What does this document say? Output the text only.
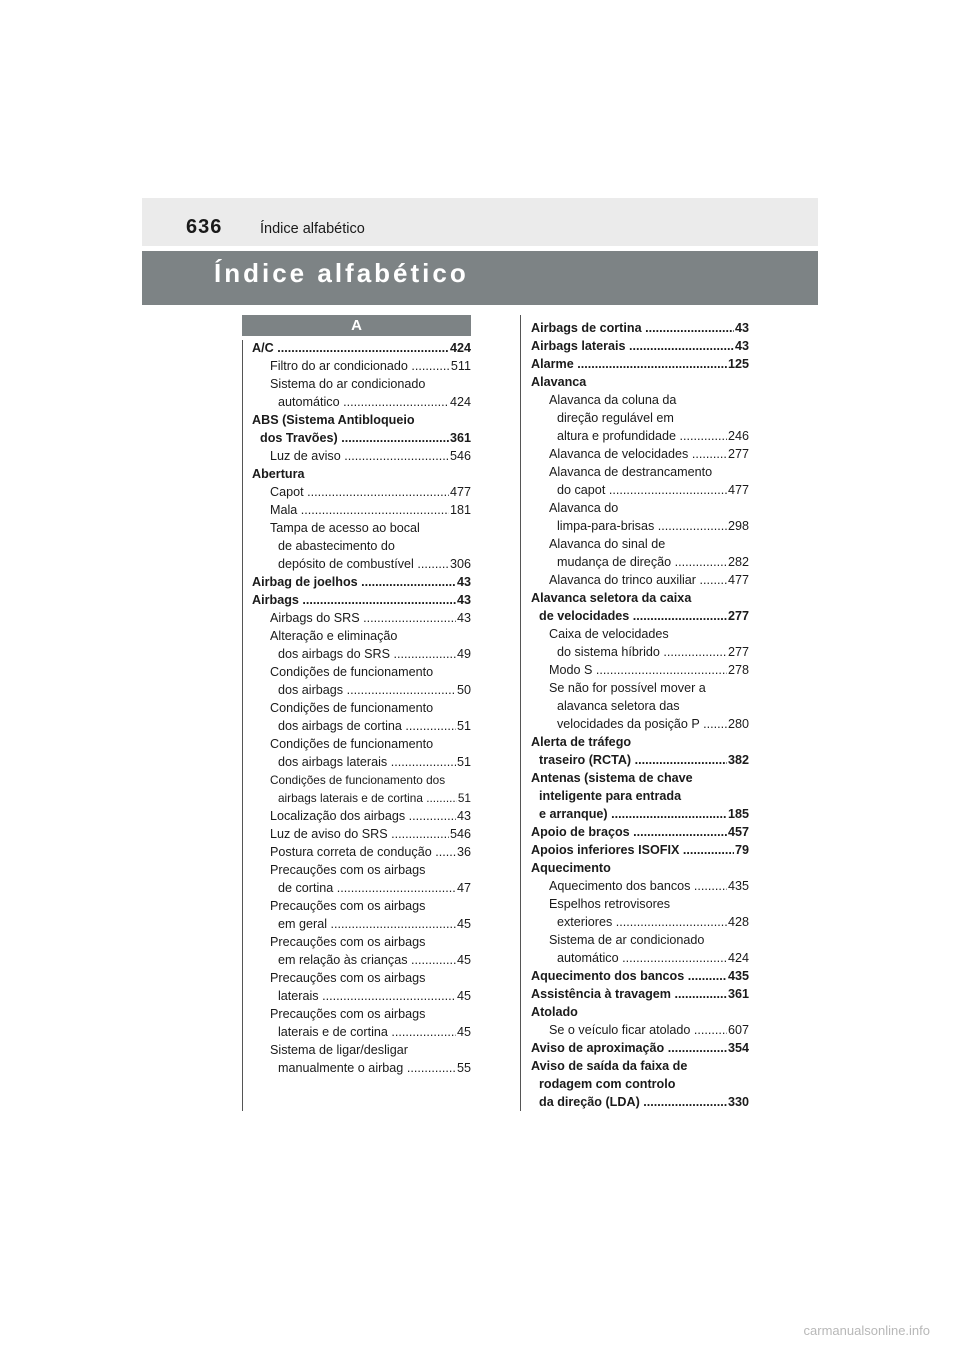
636	Índice alfabético
Índice alfabético
A
A/C .....	424
Filtro do ar condicionado .....	511
Sistema do ar condicionado
automático .....	424
ABS (Sistema Antibloqueio
dos Travões) .....	361
Luz de aviso .....	546
Abertura
Capot .....	477
Mala .....	181
Tampa de acesso ao bocal
de abastecimento do
depósito de combustível .....	306
Airbag de joelhos .....	43
Airbags .....	43
Airbags do SRS .....	43
Alteração e eliminação
dos airbags do SRS .....	49
Condições de funcionamento
dos airbags .....	50
Condições de funcionamento
dos airbags de cortina .....	51
Condições de funcionamento
dos airbags laterais .....	51
Condições de funcionamento dos
airbags laterais e de cortina .....	51
Localização dos airbags .....	43
Luz de aviso do SRS .....	546
Postura correta de condução .....	36
Precauções com os airbags
de cortina .....	47
Precauções com os airbags
em geral .....	45
Precauções com os airbags
em relação às crianças .....	45
Precauções com os airbags
laterais .....	45
Precauções com os airbags
laterais e de cortina .....	45
Sistema de ligar/desligar
manualmente o airbag .....	55
Airbags de cortina .....	43
Airbags laterais .....	43
Alarme .....	125
Alavanca
Alavanca da coluna da
direção regulável em
altura e profundidade .....	246
Alavanca de velocidades .....	277
Alavanca de destrancamento
do capot .....	477
Alavanca do
limpa-para-brisas .....	298
Alavanca do sinal de
mudança de direção .....	282
Alavanca do trinco auxiliar .....	477
Alavanca seletora da caixa
de velocidades .....	277
Caixa de velocidades
do sistema híbrido .....	277
Modo S .....	278
Se não for possível mover a
alavanca seletora das
velocidades da posição P .....	280
Alerta de tráfego
traseiro (RCTA) .....	382
Antenas (sistema de chave
inteligente para entrada
e arranque) .....	185
Apoio de braços .....	457
Apoios inferiores ISOFIX .....	79
Aquecimento
Aquecimento dos bancos .....	435
Espelhos retrovisores
exteriores .....	428
Sistema de ar condicionado
automático .....	424
Aquecimento dos bancos .....	435
Assistência à travagem .....	361
Atolado
Se o veículo ficar atolado .....	607
Aviso de aproximação .....	354
Aviso de saída da faixa de
rodagem com controlo
da direção (LDA) .....	330
carmanualsonline.info
